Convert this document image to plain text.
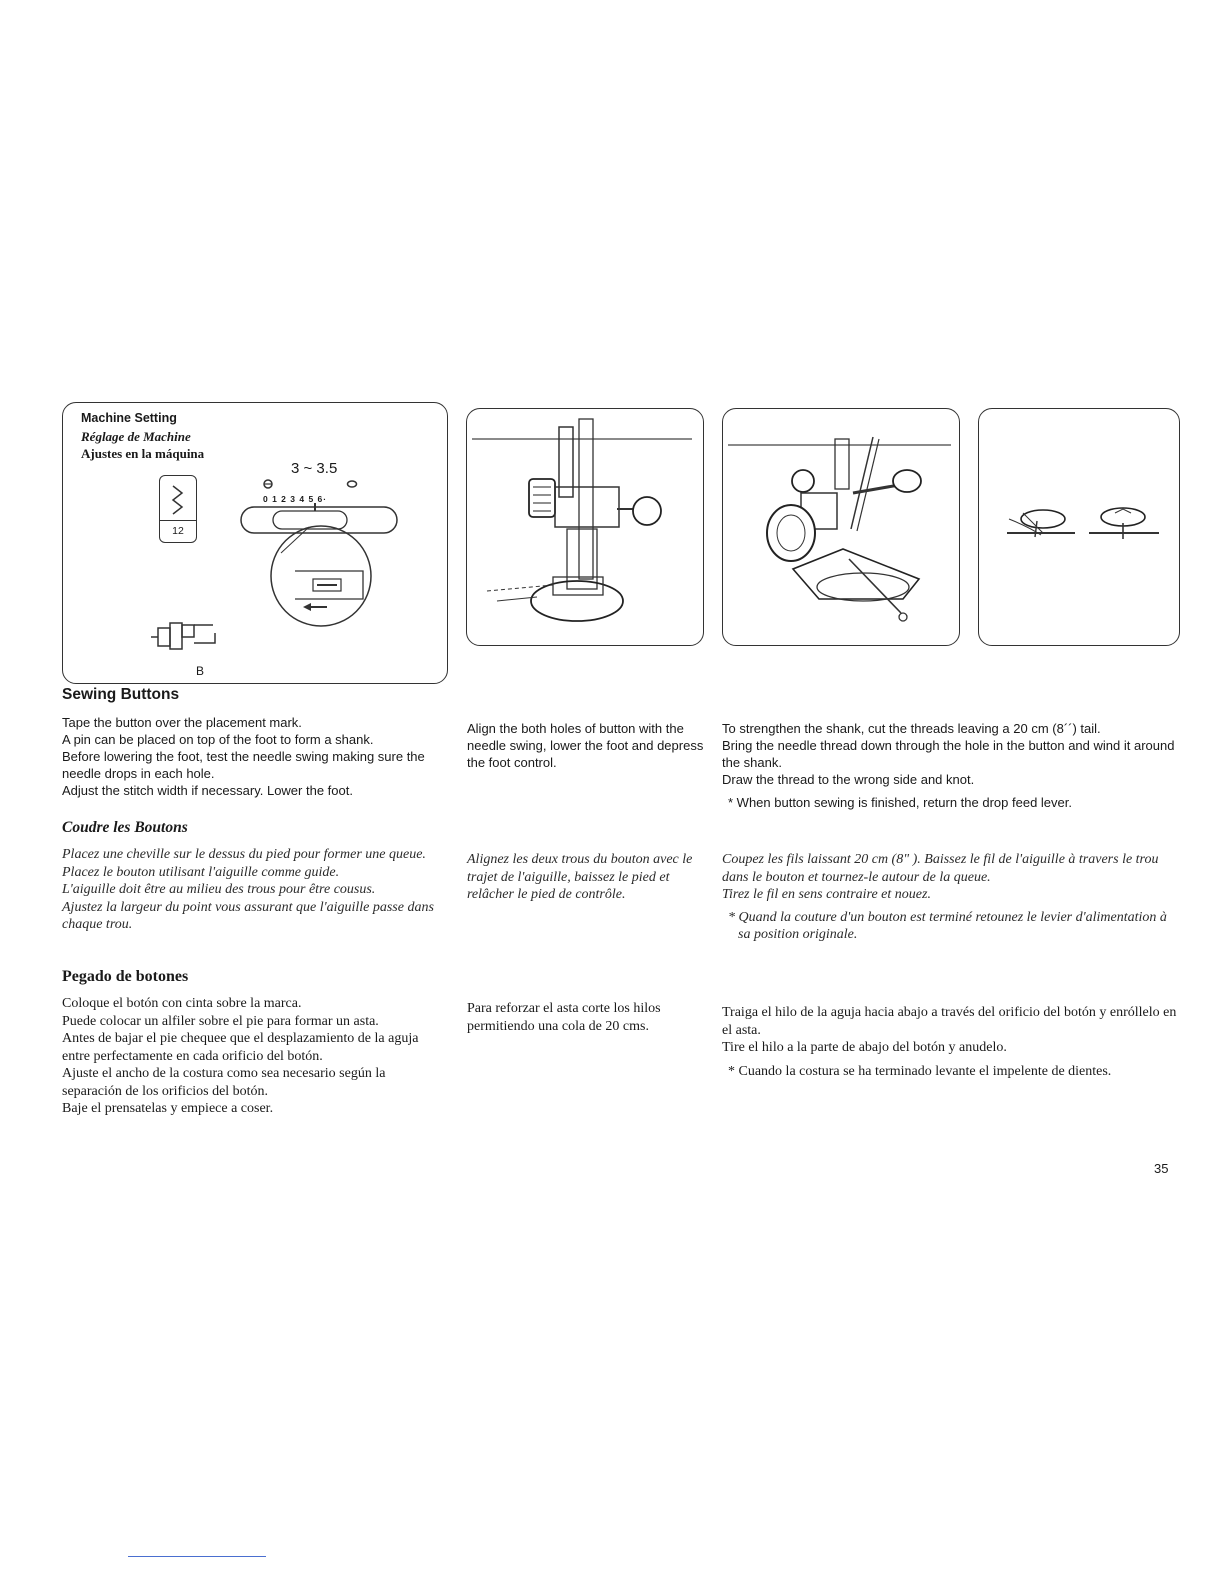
Machine Setting
Réglage de Machine
Ajustes en la máquina
12
3 ~ 3.5
0 1 2 3 4 5 6·
B
Sewing Buttons

Tape the button over the placement mark.

A pin can be placed on top of the foot to form a shank.

Before lowering the foot, test the needle swing making sure the needle drops in each hole.

Adjust the stitch width if necessary. Lower the foot.

Align the both holes of button with the needle swing, lower the foot and depress the foot control.

To strengthen the shank, cut the threads leaving a 20 cm (8´´) tail.

Bring the needle thread down through the hole in the button and wind it around the shank.

Draw the thread to the wrong side and knot.

* When button sewing is finished, return the drop feed lever.

Coudre les Boutons

Placez une cheville sur le dessus du pied pour former une queue.

Placez le bouton utilisant l'aiguille comme guide.

L'aiguille doit être au milieu des trous pour être cousus.

Ajustez la largeur du point vous assurant que l'aiguille passe dans chaque trou.

Alignez les deux trous du bouton avec le trajet de l'aiguille, baissez le pied et relâcher le pied de contrôle.

Coupez les fils laissant 20 cm (8" ). Baissez le fil de l'aiguille à travers le trou dans le bouton et tournez-le autour de la queue.

Tirez le fil en sens contraire et nouez.

* Quand la couture d'un bouton est terminé retounez le levier d'alimentation à sa position originale.

Pegado de botones

Coloque el botón con cinta sobre la marca.

Puede colocar un alfiler sobre el pie para formar un asta.

Antes de bajar el pie chequee que el desplazamiento de la aguja entre perfectamente en cada orificio del botón.

Ajuste el ancho de la costura como sea necesario según la separación de los orificios del botón.

Baje el prensatelas y empiece a coser.

Para reforzar el asta corte los hilos permitiendo una cola de 20 cms.

Traiga el hilo de la aguja hacia abajo a través del orificio del botón y enróllelo en el asta.

Tire el hilo a la parte de abajo del botón y anudelo.

* Cuando la costura se ha terminado levante el impelente de dientes.

35
